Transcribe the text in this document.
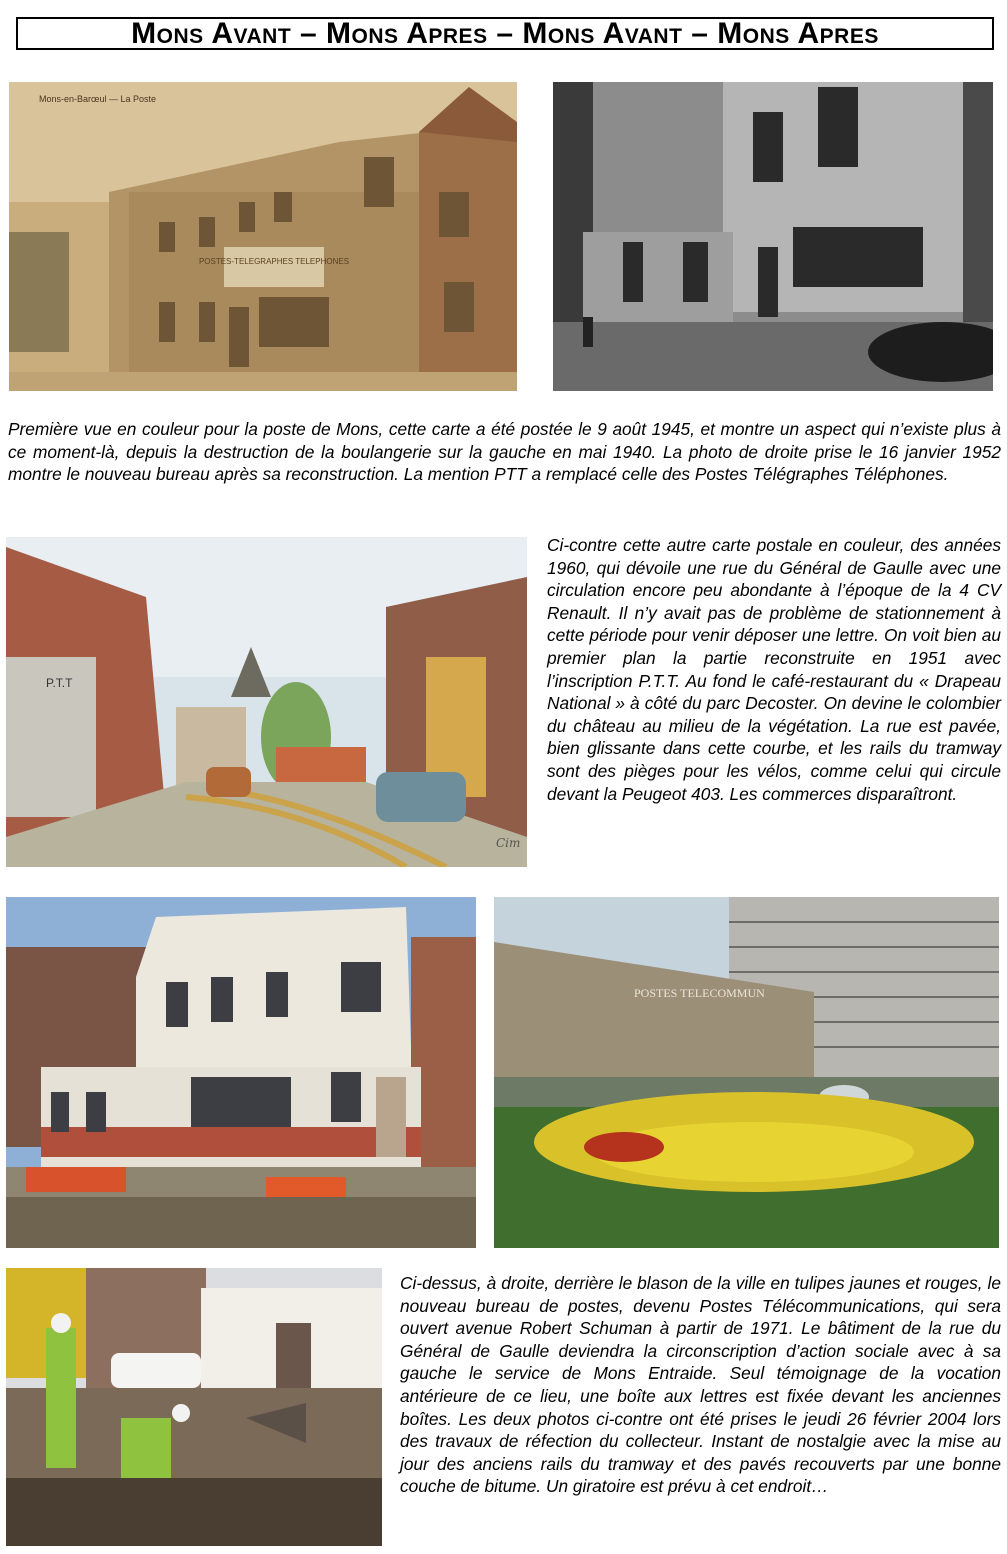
Mons Avant – Mons Apres – Mons Avant – Mons Apres
POSTES-TELEGRAPHES TELEPHONES
Mons-en-Barœul — La Poste

Première vue en couleur pour la poste de Mons, cette carte a été postée le 9 août 1945, et montre un aspect qui n’existe plus à ce moment-là, depuis la destruction de la boulangerie sur la gauche en mai 1940. La photo de droite prise le 16 janvier 1952 montre le nouveau bureau après sa reconstruction. La mention PTT a remplacé celle des Postes Télégraphes Téléphones.

P.T.T
Cim

Ci-contre cette autre carte postale en couleur, des années 1960, qui dévoile une rue du Général de Gaulle avec une circulation encore peu abondante à l’époque de la 4 CV Renault. Il n’y avait pas de problème de stationnement à cette période pour venir déposer une lettre. On voit bien au premier plan la partie reconstruite en 1951 avec l’inscription P.T.T. Au fond le café-restaurant du « Drapeau National » à côté du parc Decoster. On devine le colombier du château au milieu de la végétation. La rue est pavée, bien glissante dans cette courbe, et les rails du tramway sont des pièges pour les vélos, comme celui qui circule devant la Peugeot 403. Les commerces disparaîtront.

POSTES TELECOMMUN

Ci-dessus, à droite, derrière le blason de la ville en tulipes jaunes et rouges, le nouveau bureau de postes, devenu Postes Télécommunications, qui sera ouvert avenue Robert Schuman à partir de 1971. Le bâtiment de la rue du Général de Gaulle deviendra la circonscription d’action sociale avec à sa gauche le service de Mons Entraide. Seul témoignage de la vocation antérieure de ce lieu, une boîte aux lettres est fixée devant les anciennes boîtes. Les deux photos ci-contre ont été prises le jeudi 26 février 2004 lors des travaux de réfection du collecteur. Instant de nostalgie avec la mise au jour des anciens rails du tramway et des pavés recouverts par une bonne couche de bitume. Un giratoire est prévu à cet endroit…
